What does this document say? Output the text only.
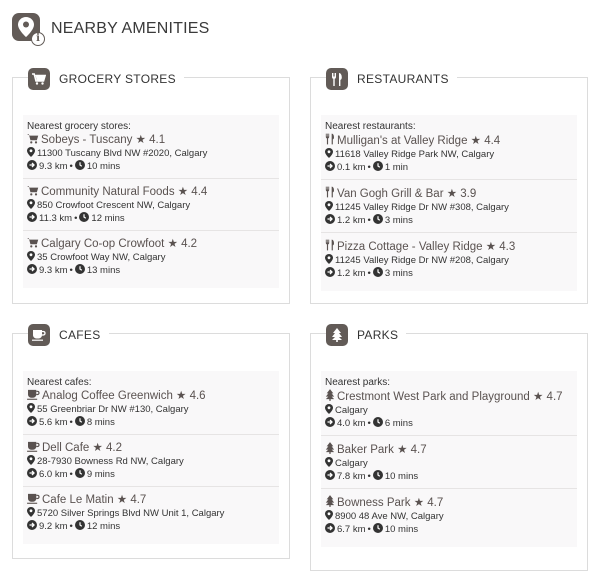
i
NEARBY AMENITIES
GROCERY STORES
Nearest grocery stores:
Sobeys - Tuscany ★ 4.1
11300 Tuscany Blvd NW #2020, Calgary
9.3 km • 10 mins
Community Natural Foods ★ 4.4
850 Crowfoot Crescent NW, Calgary
11.3 km • 12 mins
Calgary Co-op Crowfoot ★ 4.2
35 Crowfoot Way NW, Calgary
9.3 km • 13 mins
RESTAURANTS
Nearest restaurants:
Mulligan's at Valley Ridge ★ 4.4
11618 Valley Ridge Park NW, Calgary
0.1 km • 1 min
Van Gogh Grill & Bar ★ 3.9
11245 Valley Ridge Dr NW #308, Calgary
1.2 km • 3 mins
Pizza Cottage - Valley Ridge ★ 4.3
11245 Valley Ridge Dr NW #208, Calgary
1.2 km • 3 mins
CAFES
Nearest cafes:
Analog Coffee Greenwich ★ 4.6
55 Greenbriar Dr NW #130, Calgary
5.6 km • 8 mins
Dell Cafe ★ 4.2
28-7930 Bowness Rd NW, Calgary
6.0 km • 9 mins
Cafe Le Matin ★ 4.7
5720 Silver Springs Blvd NW Unit 1, Calgary
9.2 km • 12 mins
PARKS
Nearest parks:
Crestmont West Park and Playground ★ 4.7
Calgary
4.0 km • 6 mins
Baker Park ★ 4.7
Calgary
7.8 km • 10 mins
Bowness Park ★ 4.7
8900 48 Ave NW, Calgary
6.7 km • 10 mins
